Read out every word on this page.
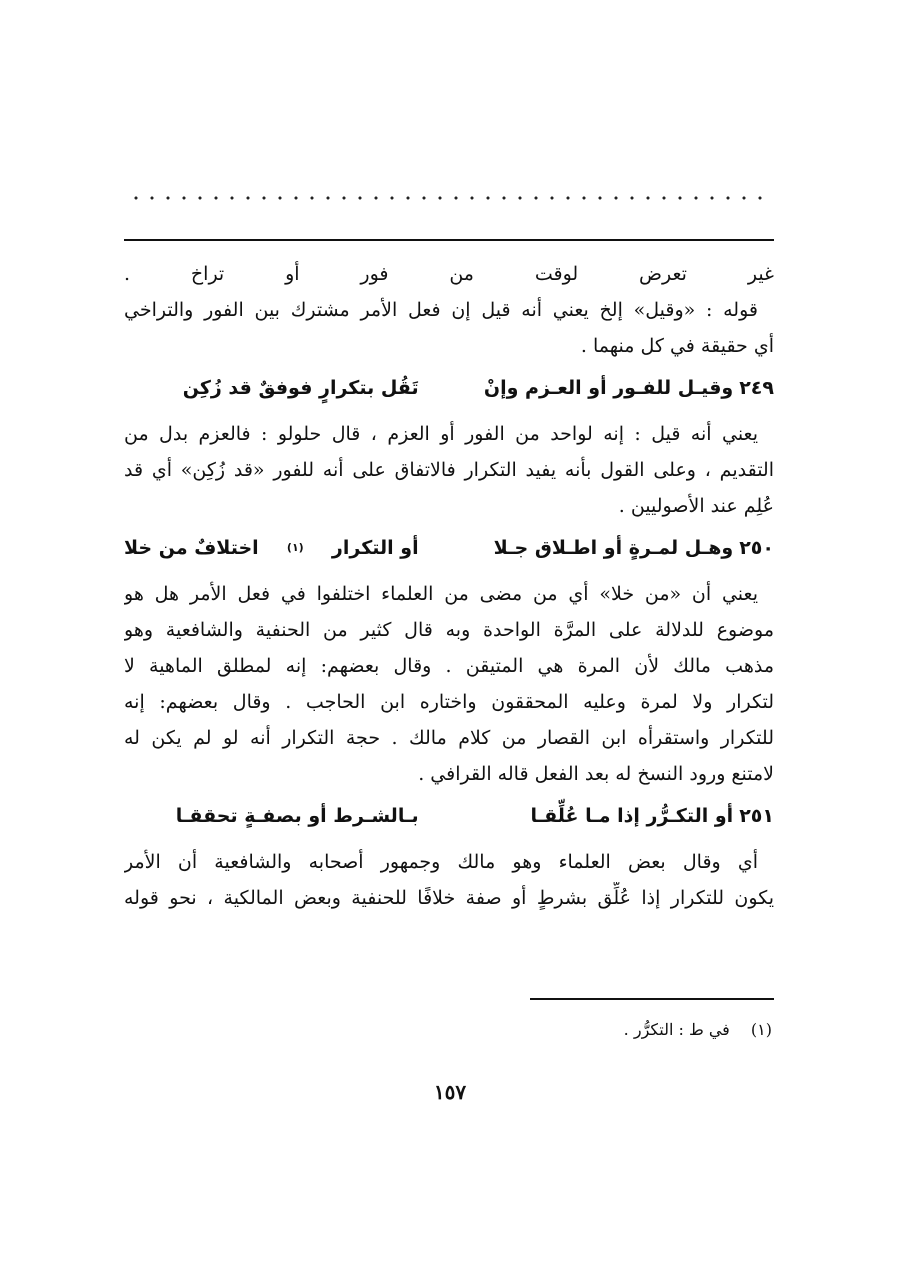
غير تعرض لوقت من فور أو تراخ .
قوله : «وقيل» إلخ يعني أنه قيل إن فعل الأمر مشترك بين الفور والتراخي
أي حقيقة في كل منهما .
٢٤٩
وقيـل للفـور أو العـزم وإنْ
تَقُل بتكرارٍ فوفقٌ قد زُكِن
يعني أنه قيل : إنه لواحد من الفور أو العزم ، قال حلولو : فالعزم بدل من
التقديم ، وعلى القول بأنه يفيد التكرار فالاتفاق على أنه للفور «قد زُكِن» أي قد
عُلِم عند الأصوليين .
٢٥٠
وهـل لمـرةٍ أو اطـلاق جـلا
أو التكرار
(١)
اختلافٌ من خلا
يعني أن «من خلا» أي من مضى من العلماء اختلفوا في فعل الأمر هل هو
موضوع للدلالة على المرَّة الواحدة وبه قال كثير من الحنفية والشافعية وهو
مذهب مالك لأن المرة هي المتيقن . وقال بعضهم: إنه لمطلق الماهية لا
لتكرار ولا لمرة وعليه المحققون واختاره ابن الحاجب . وقال بعضهم: إنه
للتكرار واستقرأه ابن القصار من كلام مالك . حجة التكرار أنه لو لم يكن له
لامتنع ورود النسخ له بعد الفعل قاله القرافي .
٢٥١
أو التكـرُّر إذا مـا عُلِّقـا
بـالشـرط أو بصفـةٍ تحققـا
أي وقال بعض العلماء وهو مالك وجمهور أصحابه والشافعية أن الأمر
يكون للتكرار إذا عُلِّق بشرطٍ أو صفة خلافًا للحنفية وبعض المالكية ، نحو قوله
(١) في ط : التكرُّر .
١٥٧
